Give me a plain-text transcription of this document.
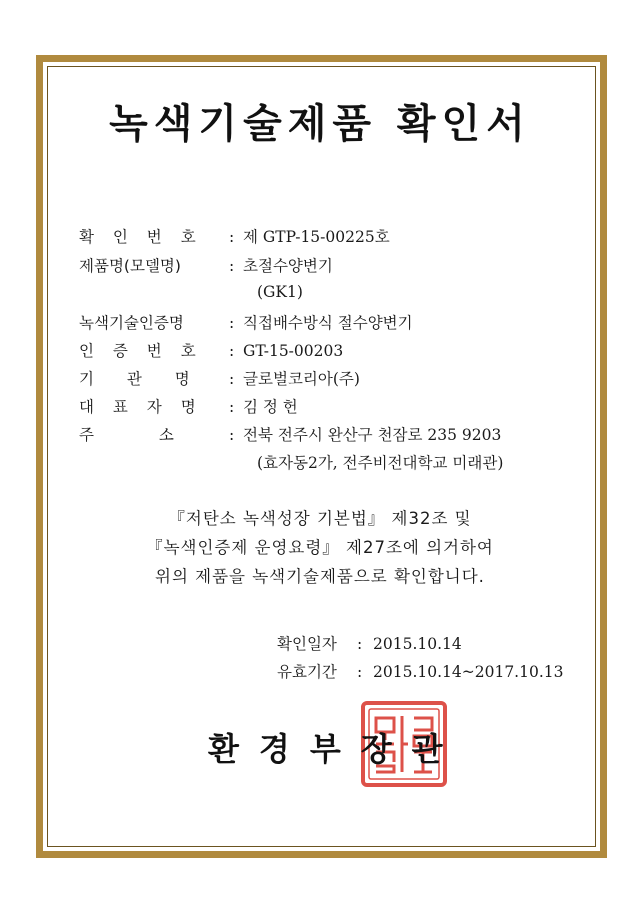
녹색기술제품 확인서
확 인 번 호 : 제 GTP-15-00225호
제품명(모델명)	: 초절수양변기
(GK1)
녹색기술인증명	: 직접배수방식 절수양변기
인 증 번 호 : GT-15-00203
기 관 명	: 글로벌코리아(주)
대 표 자 명 : 김 정 헌
주 소	: 전북 전주시 완산구 천잠로 235 9203
(효자동2가, 전주비전대학교 미래관)
『저탄소 녹색성장 기본법』 제32조 및
『녹색인증제 운영요령』 제27조에 의거하여
위의 제품을 녹색기술제품으로 확인합니다.
확인일자 : 2015.10.14
유효기간 : 2015.10.14~2017.10.13
환경부장관
